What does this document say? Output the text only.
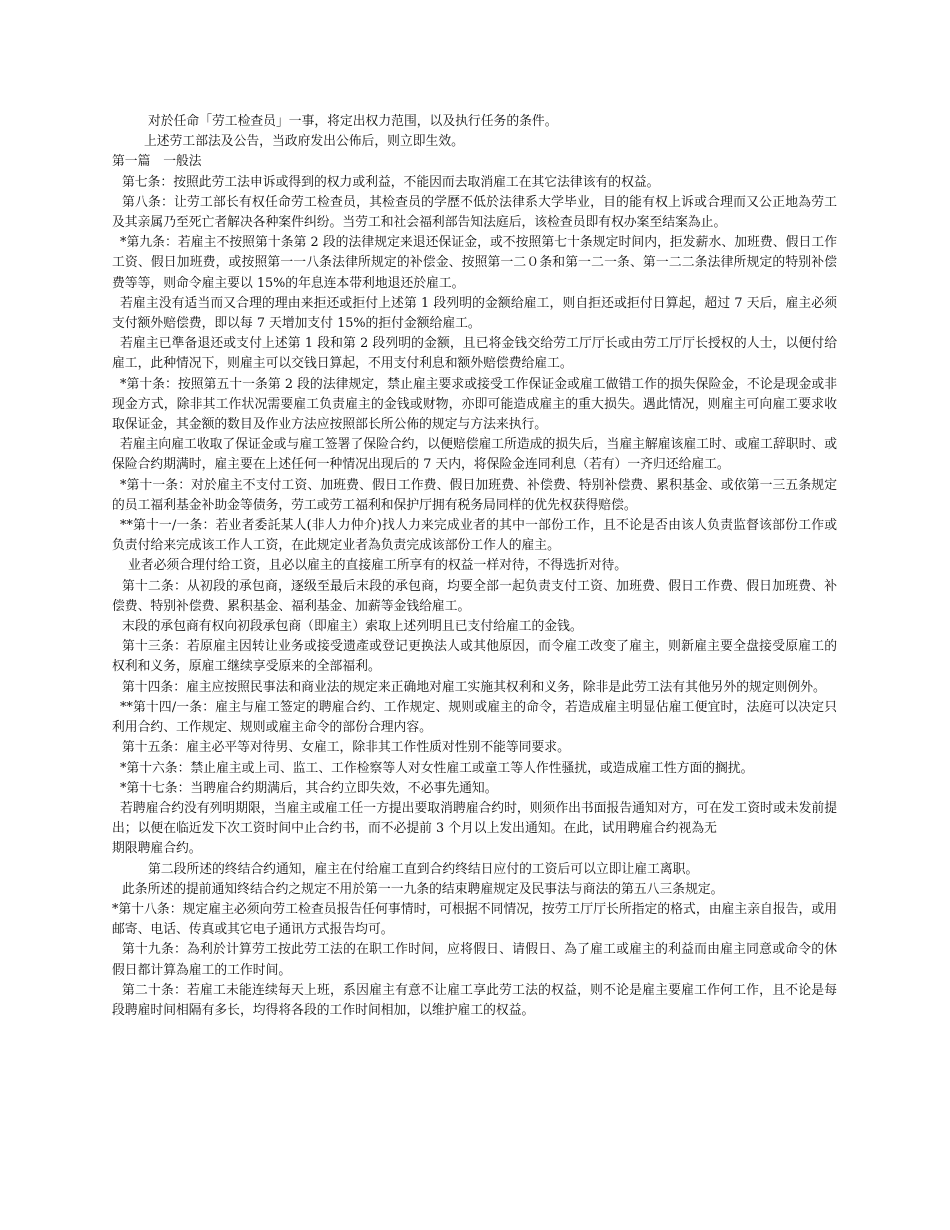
对於任命「劳工检查员」一事，将定出权力范围，以及执行任务的条件。

上述劳工部法及公告，当政府发出公佈后，则立即生效。

第一篇　一般法

第七条：按照此劳工法申诉或得到的权力或利益，不能因而去取消雇工在其它法律该有的权益。

第八条：让劳工部长有权任命劳工检查员，其检查员的学歷不低於法律系大学毕业，目的能有权上诉或合理而又公正地為劳工及其亲属乃至死亡者解决各种案件纠纷。当劳工和社会福利部告知法庭后，该检查员即有权办案至结案為止。

*第九条：若雇主不按照第十条第 2 段的法律规定来退还保证金，或不按照第七十条规定时间内，拒发薪水、加班费、假日工作工资、假日加班费，或按照第一一八条法律所规定的补偿金、按照第一二０条和第一二一条、第一二二条法律所规定的特别补偿费等等，则命令雇主要以 15%的年息连本带利地退还於雇工。

若雇主没有适当而又合理的理由来拒还或拒付上述第 1 段列明的金额给雇工，则自拒还或拒付日算起，超过 7 天后，雇主必须支付额外赔偿费，即以每 7 天增加支付 15%的拒付金额给雇工。

若雇主已準备退还或支付上述第 1 段和第 2 段列明的金额，且已将金钱交给劳工厅厅长或由劳工厅厅长授权的人士，以便付给雇工，此种情况下，则雇主可以交钱日算起，不用支付利息和额外赔偿费给雇工。

*第十条：按照第五十一条第 2 段的法律规定，禁止雇主要求或接受工作保证金或雇工做错工作的损失保险金，不论是现金或非现金方式，除非其工作状况需要雇工负责雇主的金钱或财物，亦即可能造成雇主的重大损失。遇此情况，则雇主可向雇工要求收取保证金，其金额的数目及作业方法应按照部长所公佈的规定与方法来执行。

若雇主向雇工收取了保证金或与雇工签署了保险合约，以便赔偿雇工所造成的损失后，当雇主解雇该雇工时、或雇工辞职时、或保险合约期满时，雇主要在上述任何一种情况出现后的 7 天内，将保险金连同利息（若有）一齐归还给雇工。

*第十一条：对於雇主不支付工资、加班费、假日工作费、假日加班费、补偿费、特别补偿费、累积基金、或依第一三五条规定的员工福利基金补助金等债务，劳工或劳工福利和保护厅拥有税务局同样的优先权获得赔偿。

**第十一/一条：若业者委託某人(非人力仲介)找人力来完成业者的其中一部份工作，且不论是否由该人负责监督该部份工作或负责付给来完成该工作人工资，在此规定业者為负责完成该部份工作人的雇主。

业者必须合理付给工资，且必以雇主的直接雇工所享有的权益一样对待，不得选折对待。

第十二条：从初段的承包商，逐级至最后末段的承包商，均要全部一起负责支付工资、加班费、假日工作费、假日加班费、补偿费、特别补偿费、累积基金、福利基金、加薪等金钱给雇工。

末段的承包商有权向初段承包商（即雇主）索取上述列明且已支付给雇工的金钱。

第十三条：若原雇主因转让业务或接受遗產或登记更换法人或其他原因，而令雇工改变了雇主，则新雇主要全盘接受原雇工的权利和义务，原雇工继续享受原来的全部福利。

第十四条：雇主应按照民事法和商业法的规定来正确地对雇工实施其权利和义务，除非是此劳工法有其他另外的规定则例外。

**第十四/一条：雇主与雇工签定的聘雇合约、工作规定、规则或雇主的命令，若造成雇主明显佔雇工便宜时，法庭可以决定只利用合约、工作规定、规则或雇主命令的部份合理内容。

第十五条：雇主必平等对待男、女雇工，除非其工作性质对性别不能等同要求。

*第十六条：禁止雇主或上司、监工、工作检察等人对女性雇工或童工等人作性骚扰，或造成雇工性方面的搁扰。

*第十七条：当聘雇合约期满后，其合约立即失效，不必事先通知。

若聘雇合约没有列明期限，当雇主或雇工任一方提出要取消聘雇合约时，则须作出书面报告通知对方，可在发工资时或未发前提出；以便在临近发下次工资时间中止合约书，而不必提前 3 个月以上发出通知。在此，试用聘雇合约视為无

期限聘雇合约。

第二段所述的终结合约通知，雇主在付给雇工直到合约终结日应付的工资后可以立即让雇工离职。

此条所述的提前通知终结合约之规定不用於第一一九条的结束聘雇规定及民事法与商法的第五八三条规定。

*第十八条：规定雇主必须向劳工检查员报告任何事情时，可根据不同情况，按劳工厅厅长所指定的格式，由雇主亲自报告，或用邮寄、电话、传真或其它电子通讯方式报告均可。

第十九条：為利於计算劳工按此劳工法的在职工作时间，应将假日、请假日、為了雇工或雇主的利益而由雇主同意或命令的休假日都计算為雇工的工作时间。

第二十条：若雇工未能连续每天上班，系因雇主有意不让雇工享此劳工法的权益，则不论是雇主要雇工作何工作，且不论是每段聘雇时间相隔有多长，均得将各段的工作时间相加，以维护雇工的权益。
